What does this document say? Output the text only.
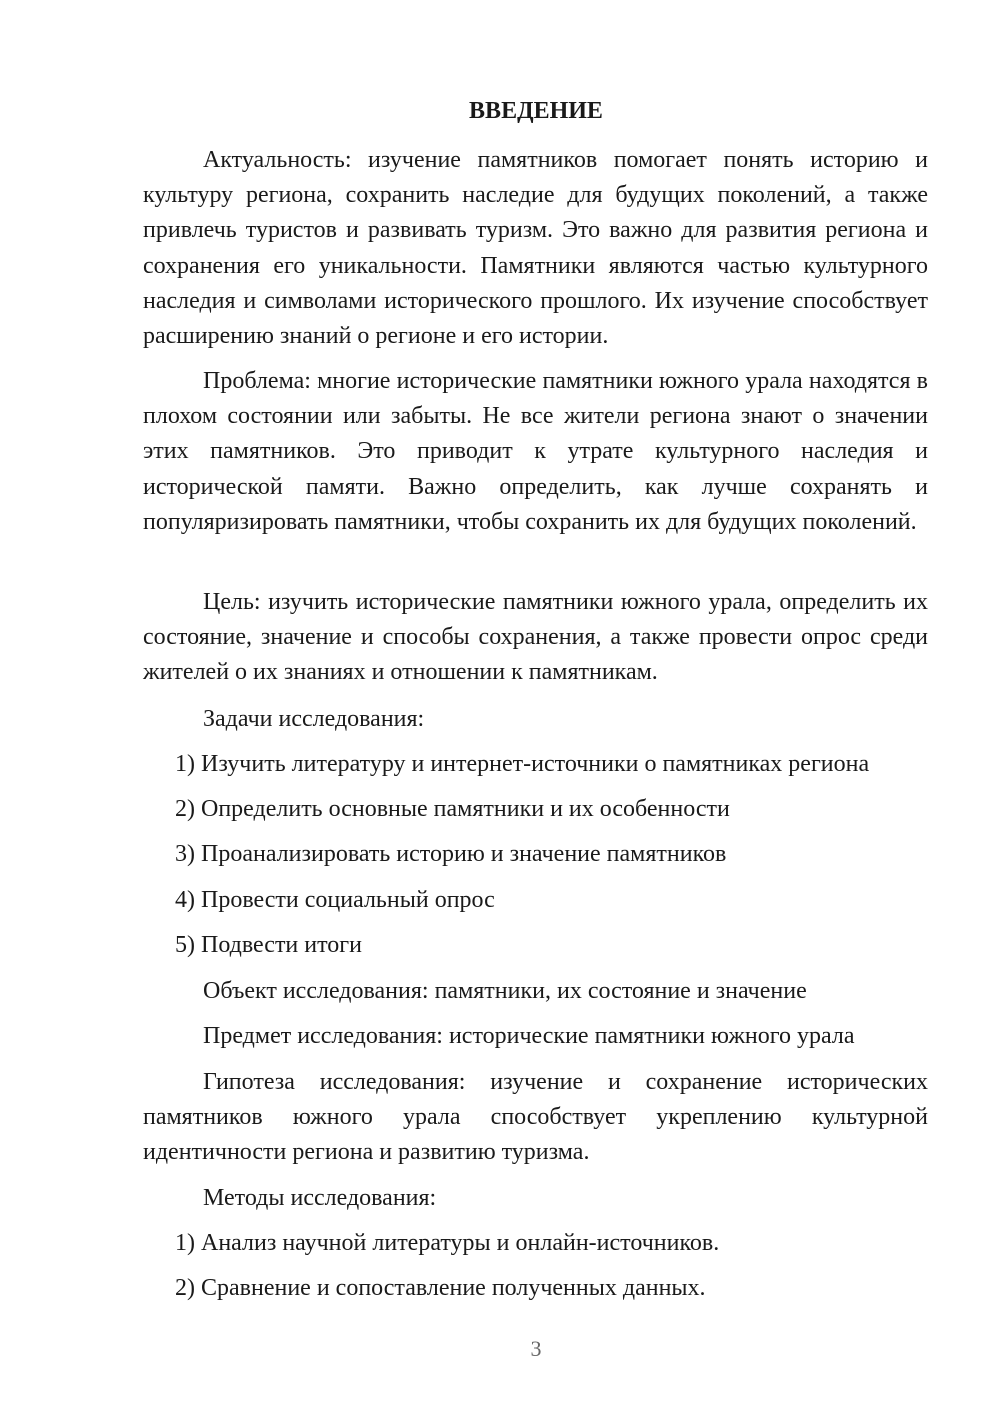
ВВЕДЕНИЕ

Актуальность: изучение памятников помогает понять историю и культуру региона, сохранить наследие для будущих поколений, а также привлечь туристов и развивать туризм. Это важно для развития региона и сохранения его уникальности. Памятники являются частью культурного наследия и символами исторического прошлого. Их изучение способствует расширению знаний о регионе и его истории.

Проблема: многие исторические памятники южного урала находятся в плохом состоянии или забыты. Не все жители региона знают о значении этих памятников. Это приводит к утрате культурного наследия и исторической памяти. Важно определить, как лучше сохранять и популяризировать памятники, чтобы сохранить их для будущих поколений.

Цель: изучить исторические памятники южного урала, определить их состояние, значение и способы сохранения, а также провести опрос среди жителей о их знаниях и отношении к памятникам.

Задачи исследования:
1) Изучить литературу и интернет-источники о памятниках региона
2) Определить основные памятники и их особенности
3) Проанализировать историю и значение памятников
4) Провести социальный опрос
5) Подвести итоги
Объект исследования: памятники, их состояние и значение
Предмет исследования: исторические памятники южного урала

Гипотеза исследования: изучение и сохранение исторических памятников южного урала способствует укреплению культурной идентичности региона и развитию туризма.

Методы исследования:
1) Анализ научной литературы и онлайн-источников.
2) Сравнение и сопоставление полученных данных.
3
